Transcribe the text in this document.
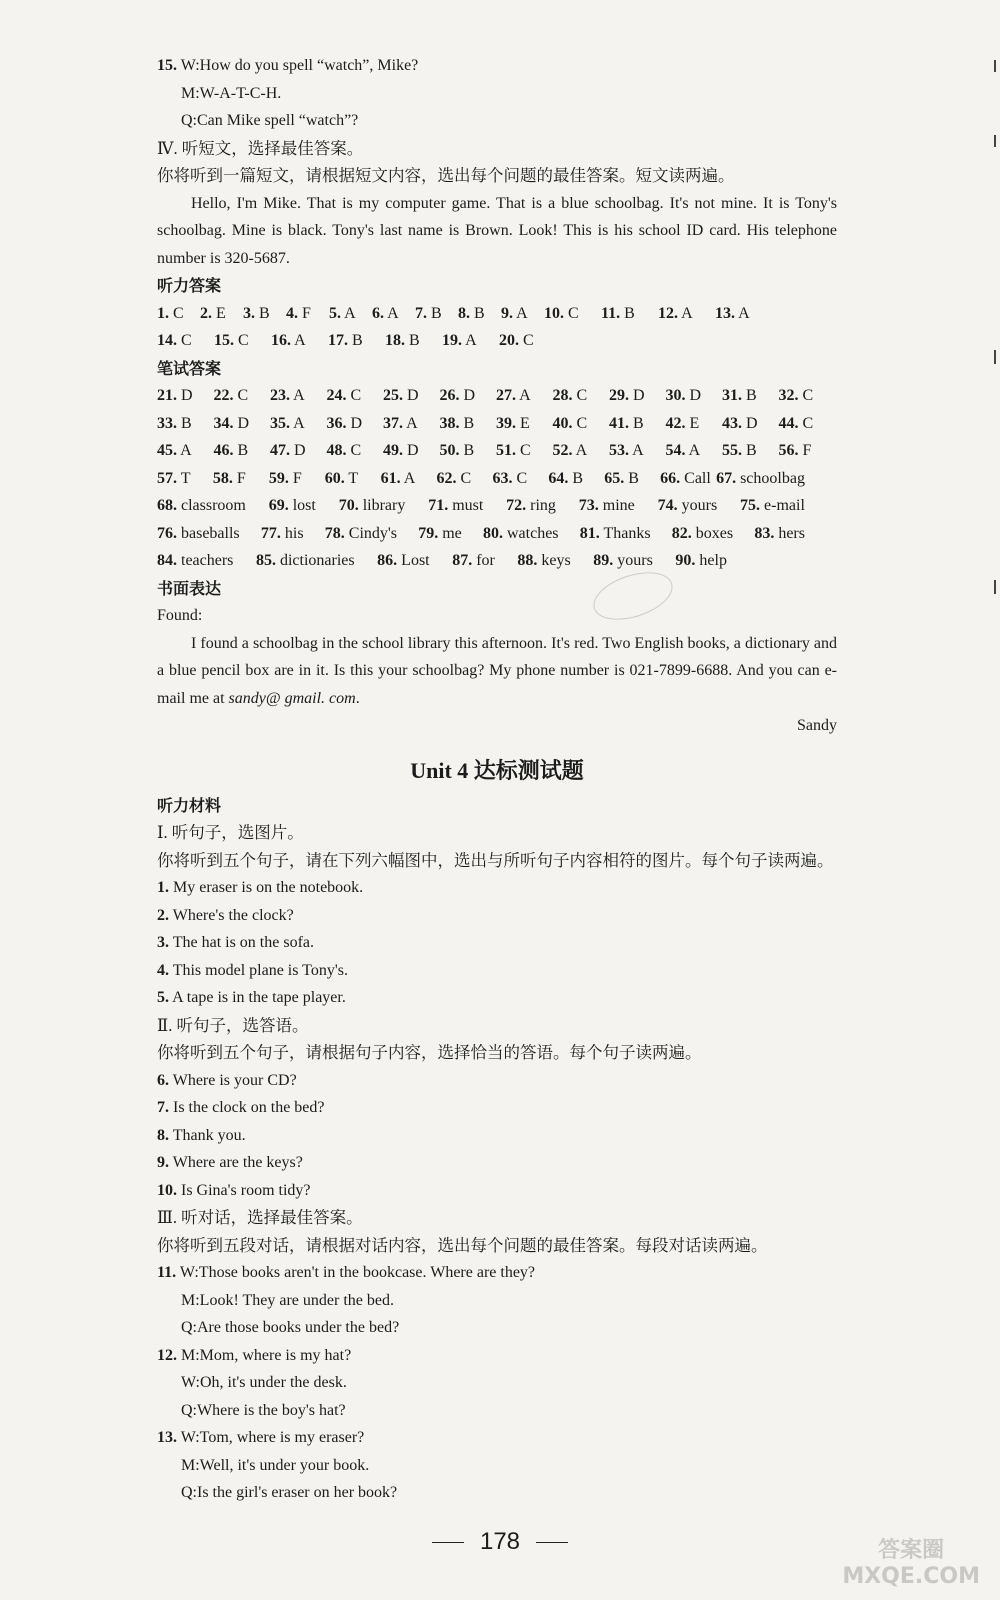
15. W:How do you spell “watch”, Mike?
M:W-A-T-C-H.
Q:Can Mike spell “watch”?
Ⅳ. 听短文，选择最佳答案。
你将听到一篇短文，请根据短文内容，选出每个问题的最佳答案。短文读两遍。
Hello, I'm Mike. That is my computer game. That is a blue schoolbag. It's not mine. It is Tony's schoolbag. Mine is black. Tony's last name is Brown. Look! This is his school ID card. His telephone number is 320-5687.
听力答案
1. C	2. E	3. B	4. F	5. A	6. A	7. B	8. B	9. A	10. C	11. B	12. A	13. A
14. C	15. C	16. A	17. B	18. B	19. A	20. C
笔试答案
21. D	22. C	23. A	24. C	25. D	26. D	27. A	28. C	29. D	30. D	31. B	32. C
33. B	34. D	35. A	36. D	37. A	38. B	39. E	40. C	41. B	42. E	43. D	44. C
45. A	46. B	47. D	48. C	49. D	50. B	51. C	52. A	53. A	54. A	55. B	56. F
57. T	58. F	59. F	60. T	61. A	62. C	63. C	64. B	65. B	66. Call 67. schoolbag
68. classroom 69. lost 70. library 71. must 72. ring 73. mine 74. yours 75. e-mail
76. baseballs 77. his 78. Cindy's 79. me 80. watches 81. Thanks 82. boxes 83. hers
84. teachers 85. dictionaries 86. Lost 87. for 88. keys 89. yours 90. help
书面表达
Found:
I found a schoolbag in the school library this afternoon. It's red. Two English books, a dictionary and a blue pencil box are in it. Is this your schoolbag? My phone number is 021-7899-6688. And you can e-mail me at sandy@ gmail. com.
Sandy
Unit 4 达标测试题
听力材料
Ⅰ. 听句子，选图片。
你将听到五个句子，请在下列六幅图中，选出与所听句子内容相符的图片。每个句子读两遍。
1. My eraser is on the notebook.
2. Where's the clock?
3. The hat is on the sofa.
4. This model plane is Tony's.
5. A tape is in the tape player.
Ⅱ. 听句子，选答语。
你将听到五个句子，请根据句子内容，选择恰当的答语。每个句子读两遍。
6. Where is your CD?
7. Is the clock on the bed?
8. Thank you.
9. Where are the keys?
10. Is Gina's room tidy?
Ⅲ. 听对话，选择最佳答案。
你将听到五段对话，请根据对话内容，选出每个问题的最佳答案。每段对话读两遍。
11. W:Those books aren't in the bookcase. Where are they?
M:Look! They are under the bed.
Q:Are those books under the bed?
12. M:Mom, where is my hat?
W:Oh, it's under the desk.
Q:Where is the boy's hat?
13. W:Tom, where is my eraser?
M:Well, it's under your book.
Q:Is the girl's eraser on her book?
178	答案圈
MXQE.COM
